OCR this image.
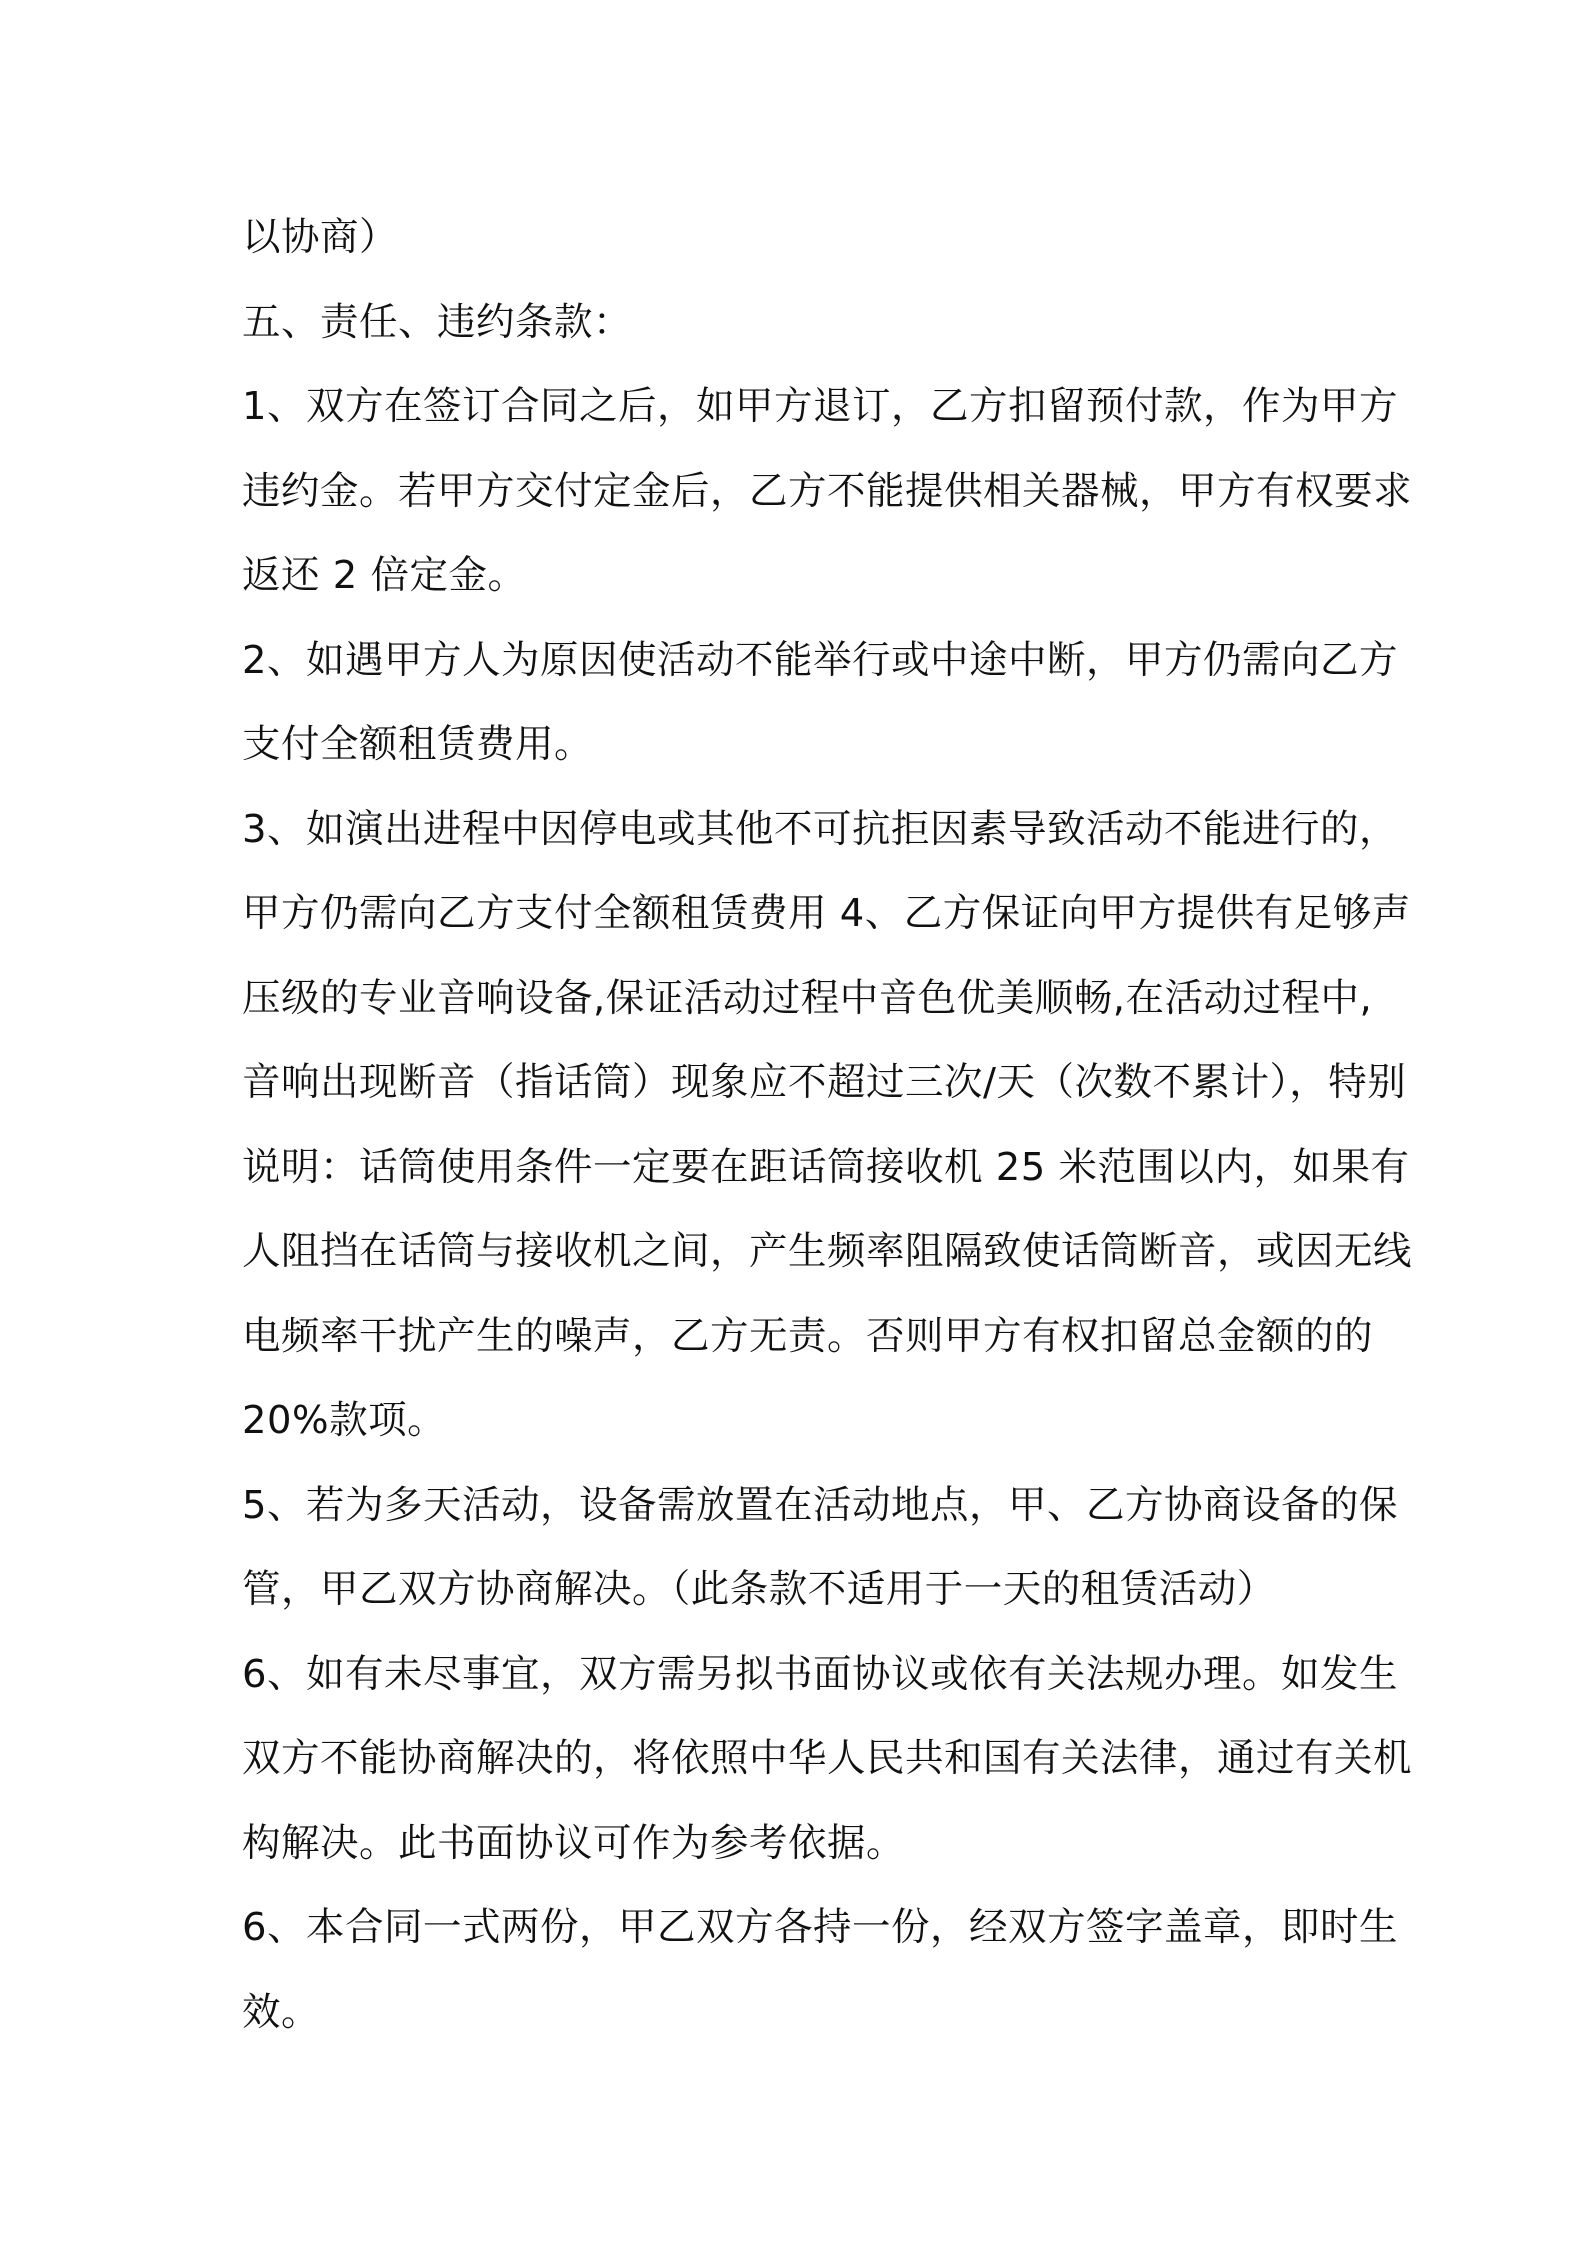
以协商）

五、责任、违约条款：

1、双方在签订合同之后，如甲方退订，乙方扣留预付款，作为甲方
违约金。若甲方交付定金后，乙方不能提供相关器械，甲方有权要求
返还 2 倍定金。

2、如遇甲方人为原因使活动不能举行或中途中断，甲方仍需向乙方
支付全额租赁费用。

3、如演出进程中因停电或其他不可抗拒因素导致活动不能进行的，
甲方仍需向乙方支付全额租赁费用 4、乙方保证向甲方提供有足够声
压级的专业音响设备,保证活动过程中音色优美顺畅,在活动过程中,
音响出现断音（指话筒）现象应不超过三次/天（次数不累计），特别
说明：话筒使用条件一定要在距话筒接收机 25 米范围以内，如果有
人阻挡在话筒与接收机之间，产生频率阻隔致使话筒断音，或因无线
电频率干扰产生的噪声，乙方无责。否则甲方有权扣留总金额的的
20%款项。

5、若为多天活动，设备需放置在活动地点，甲、乙方协商设备的保
管，甲乙双方协商解决。（此条款不适用于一天的租赁活动）

6、如有未尽事宜，双方需另拟书面协议或依有关法规办理。如发生
双方不能协商解决的，将依照中华人民共和国有关法律，通过有关机
构解决。此书面协议可作为参考依据。

6、本合同一式两份，甲乙双方各持一份，经双方签字盖章，即时生
效。
